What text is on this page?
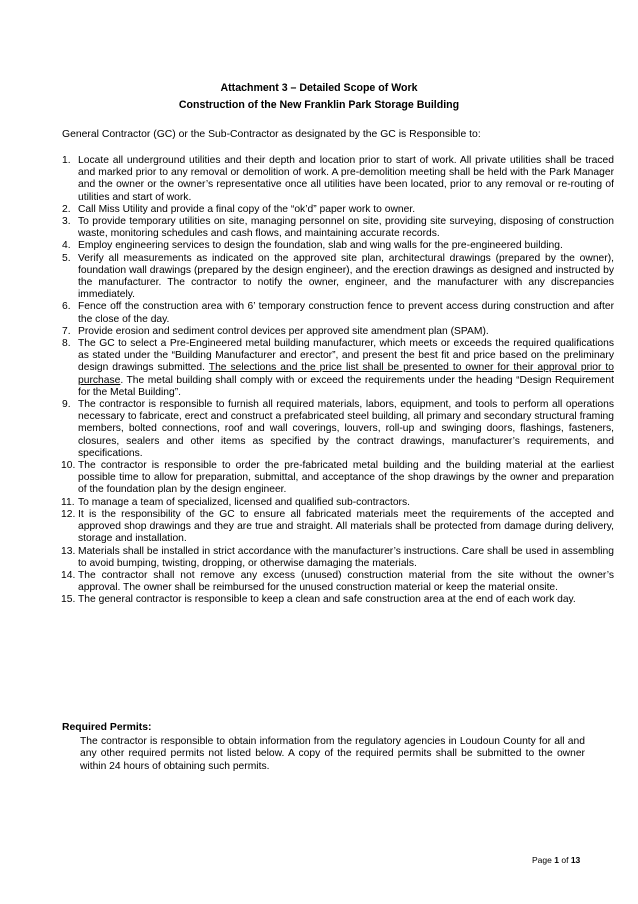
Attachment 3 – Detailed Scope of Work
Construction of the New Franklin Park Storage Building
General Contractor (GC) or the Sub-Contractor as designated by the GC is Responsible to:
1. Locate all underground utilities and their depth and location prior to start of work. All private utilities shall be traced and marked prior to any removal or demolition of work. A pre-demolition meeting shall be held with the Park Manager and the owner or the owner’s representative once all utilities have been located, prior to any removal or re-routing of utilities and start of work.
2. Call Miss Utility and provide a final copy of the “ok’d” paper work to owner.
3. To provide temporary utilities on site, managing personnel on site, providing site surveying, disposing of construction waste, monitoring schedules and cash flows, and maintaining accurate records.
4. Employ engineering services to design the foundation, slab and wing walls for the pre-engineered building.
5. Verify all measurements as indicated on the approved site plan, architectural drawings (prepared by the owner), foundation wall drawings (prepared by the design engineer), and the erection drawings as designed and instructed by the manufacturer. The contractor to notify the owner, engineer, and the manufacturer with any discrepancies immediately.
6. Fence off the construction area with 6’ temporary construction fence to prevent access during construction and after the close of the day.
7. Provide erosion and sediment control devices per approved site amendment plan (SPAM).
8. The GC to select a Pre-Engineered metal building manufacturer, which meets or exceeds the required qualifications as stated under the “Building Manufacturer and erector”, and present the best fit and price based on the preliminary design drawings submitted. The selections and the price list shall be presented to owner for their approval prior to purchase. The metal building shall comply with or exceed the requirements under the heading “Design Requirement for the Metal Building”.
9. The contractor is responsible to furnish all required materials, labors, equipment, and tools to perform all operations necessary to fabricate, erect and construct a prefabricated steel building, all primary and secondary structural framing members, bolted connections, roof and wall coverings, louvers, roll-up and swinging doors, flashings, fasteners, closures, sealers and other items as specified by the contract drawings, manufacturer’s requirements, and specifications.
10. The contractor is responsible to order the pre-fabricated metal building and the building material at the earliest possible time to allow for preparation, submittal, and acceptance of the shop drawings by the owner and preparation of the foundation plan by the design engineer.
11. To manage a team of specialized, licensed and qualified sub-contractors.
12. It is the responsibility of the GC to ensure all fabricated materials meet the requirements of the accepted and approved shop drawings and they are true and straight. All materials shall be protected from damage during delivery, storage and installation.
13. Materials shall be installed in strict accordance with the manufacturer’s instructions. Care shall be used in assembling to avoid bumping, twisting, dropping, or otherwise damaging the materials.
14. The contractor shall not remove any excess (unused) construction material from the site without the owner’s approval. The owner shall be reimbursed for the unused construction material or keep the material onsite.
15. The general contractor is responsible to keep a clean and safe construction area at the end of each work day.
Required Permits:
The contractor is responsible to obtain information from the regulatory agencies in Loudoun County for all and any other required permits not listed below. A copy of the required permits shall be submitted to the owner within 24 hours of obtaining such permits.
Page 1 of 13
